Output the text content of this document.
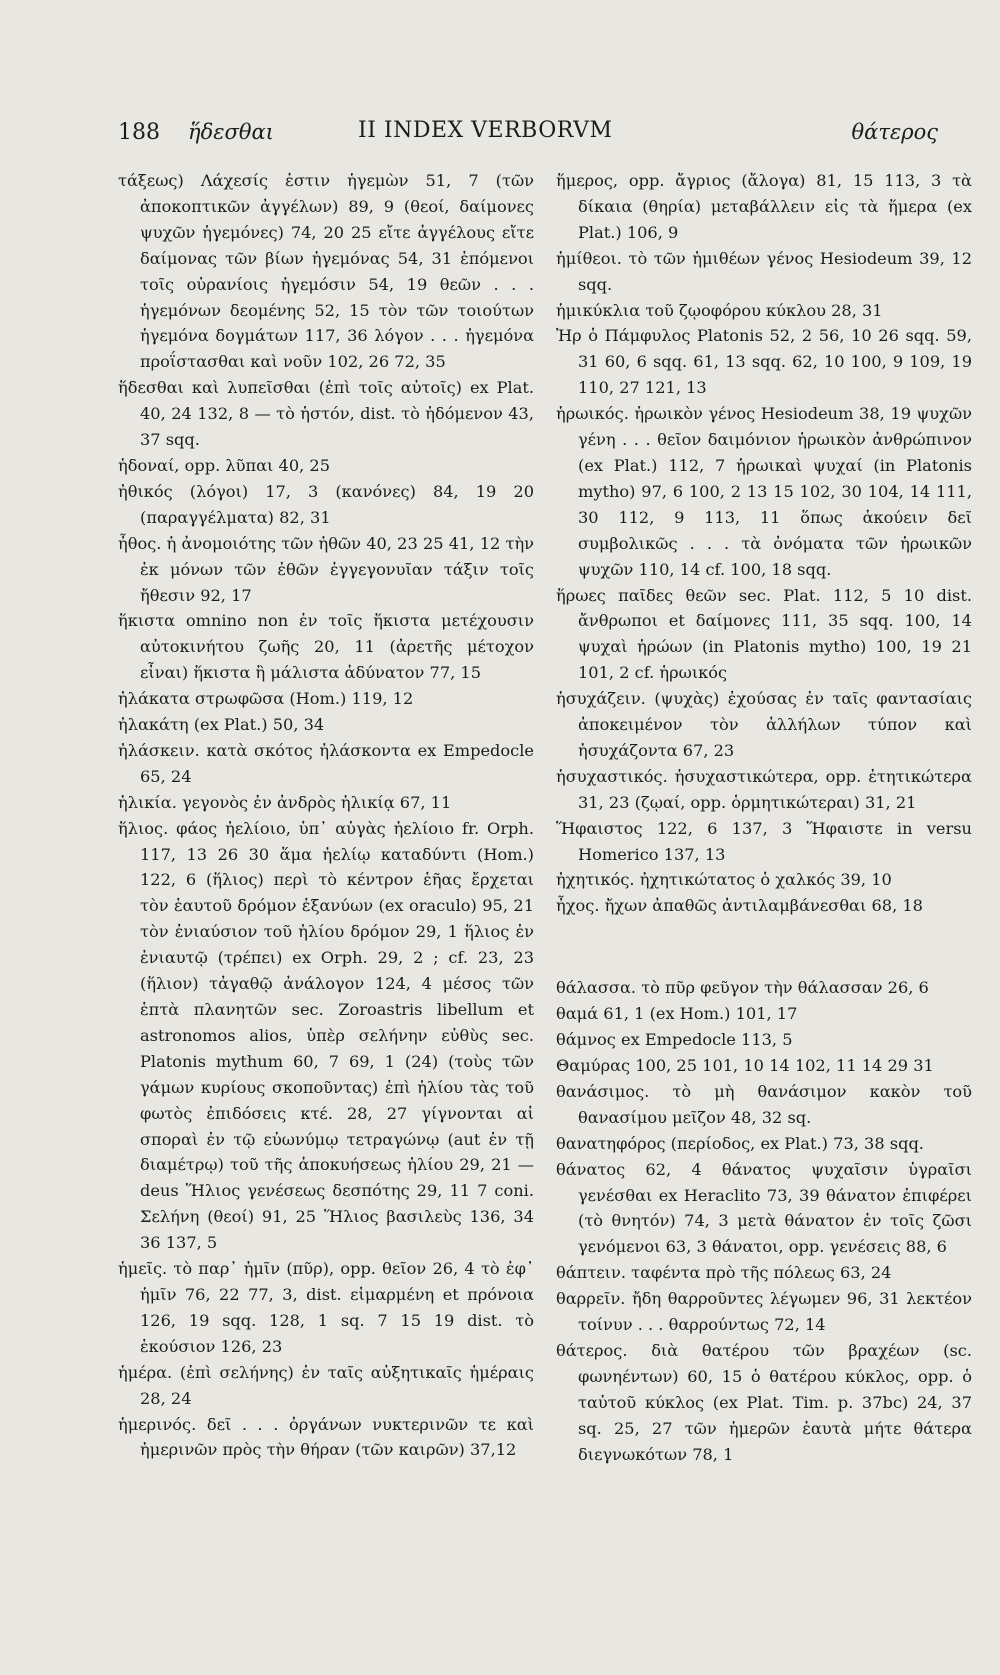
188 ἥδεσθαι	II INDEX VERBORVM	θάτερος

τάξεως) Λάχεσίς ἐστιν ἡγεμὼν 51, 7 (τῶν ἀποκοπτικῶν ἀγγέλων) 89, 9 (θεοί, δαίμονες ψυχῶν ἡγεμόνες) 74, 20 25 εἴτε ἀγγέλους εἴτε δαίμονας τῶν βίων ἡγεμόνας 54, 31 ἑπόμενοι τοῖς οὐρανίοις ἡγεμόσιν 54, 19 θεῶν . . . ἡγεμόνων δεομένης 52, 15 τὸν τῶν τοιούτων ἡγεμόνα δογμάτων 117, 36 λόγον . . . ἡγεμόνα προΐστασθαι καὶ νοῦν 102, 26 72, 35

ἥδεσθαι καὶ λυπεῖσθαι (ἐπὶ τοῖς αὐτοῖς) ex Plat. 40, 24 132, 8 — τὸ ἡστόν, dist. τὸ ἡδόμενον 43, 37 sqq.

ἡδοναί, opp. λῦπαι 40, 25

ἠθικός (λόγοι) 17, 3 (κανόνες) 84, 19 20 (παραγγέλματα) 82, 31

ἦθος. ἡ ἀνομοιότης τῶν ἠθῶν 40, 23 25 41, 12 τὴν ἐκ μόνων τῶν ἐθῶν ἐγγεγονυῖαν τάξιν τοῖς ἤθεσιν 92, 17

ἥκιστα omnino non ἐν τοῖς ἥκιστα μετέχουσιν αὐτοκινήτου ζωῆς 20, 11 (ἀρετῆς μέτοχον εἶναι) ἥκιστα ἢ μάλιστα ἀδύνατον 77, 15

ἠλάκατα στρωφῶσα (Hom.) 119, 12

ἠλακάτη (ex Plat.) 50, 34

ἠλάσκειν. κατὰ σκότος ἠλάσκοντα ex Empedocle 65, 24

ἡλικία. γεγονὸς ἐν ἀνδρὸς ἡλικίᾳ 67, 11

ἥλιος. φάος ἠελίοιο, ὑπ᾽ αὐγὰς ἠελίοιο fr. Orph. 117, 13 26 30 ἅμα ἠελίῳ καταδύντι (Hom.) 122, 6 (ἥλιος) περὶ τὸ κέντρον ἑῆας ἔρχεται τὸν ἑαυτοῦ δρόμον ἐξανύων (ex oraculo) 95, 21 τὸν ἐνιαύσιον τοῦ ἡλίου δρόμον 29, 1 ἥλιος ἐν ἐνιαυτῷ (τρέπει) ex Orph. 29, 2 ; cf. 23, 23 (ἥλιον) τἀγαθῷ ἀνάλογον 124, 4 μέσος τῶν ἑπτὰ πλανητῶν sec. Zoroastris libellum et astronomos alios, ὑπὲρ σελήνην εὐθὺς sec. Platonis mythum 60, 7 69, 1 (24) (τοὺς τῶν γάμων κυρίους σκοποῦντας) ἐπὶ ἡλίου τὰς τοῦ φωτὸς ἐπιδόσεις κτέ. 28, 27 γίγνονται αἱ σποραὶ ἐν τῷ εὐωνύμῳ τετραγώνῳ (aut ἐν τῇ διαμέτρῳ) τοῦ τῆς ἀποκυήσεως ἡλίου 29, 21 — deus Ἥλιος γενέσεως δεσπότης 29, 11 7 coni. Σελήνη (θεοί) 91, 25 Ἥλιος βασιλεὺς 136, 34 36 137, 5

ἡμεῖς. τὸ παρ᾽ ἡμῖν (πῦρ), opp. θεῖον 26, 4 τὸ ἐφ᾽ ἡμῖν 76, 22 77, 3, dist. εἱμαρμένη et πρόνοια 126, 19 sqq. 128, 1 sq. 7 15 19 dist. τὸ ἑκούσιον 126, 23

ἡμέρα. (ἐπὶ σελήνης) ἐν ταῖς αὐξητικαῖς ἡμέραις 28, 24

ἡμερινός. δεῖ . . . ὀργάνων νυκτερινῶν τε καὶ ἡμερινῶν πρὸς τὴν θήραν (τῶν καιρῶν) 37,12

ἥμερος, opp. ἄγριος (ἄλογα) 81, 15 113, 3 τὰ δίκαια (θηρία) μεταβάλλειν εἰς τὰ ἥμερα (ex Plat.) 106, 9

ἡμίθεοι. τὸ τῶν ἡμιθέων γένος Hesiodeum 39, 12 sqq.

ἡμικύκλια τοῦ ζῳοφόρου κύκλου 28, 31

Ἠρ ὁ Πάμφυλος Platonis 52, 2 56, 10 26 sqq. 59, 31 60, 6 sqq. 61, 13 sqq. 62, 10 100, 9 109, 19 110, 27 121, 13

ἡρωικός. ἡρωικὸν γένος Hesiodeum 38, 19 ψυχῶν γένη . . . θεῖον δαιμόνιον ἡρωικὸν ἀνθρώπινον (ex Plat.) 112, 7 ἡρωικαὶ ψυχαί (in Platonis mytho) 97, 6 100, 2 13 15 102, 30 104, 14 111, 30 112, 9 113, 11 ὅπως ἀκούειν δεῖ συμβολικῶς . . . τὰ ὀνόματα τῶν ἡρωικῶν ψυχῶν 110, 14 cf. 100, 18 sqq.

ἥρωες παῖδες θεῶν sec. Plat. 112, 5 10 dist. ἄνθρωποι et δαίμονες 111, 35 sqq. 100, 14 ψυχαὶ ἡρώων (in Platonis mytho) 100, 19 21 101, 2 cf. ἡρωικός

ἡσυχάζειν. (ψυχὰς) ἐχούσας ἐν ταῖς φαντασίαις ἀποκειμένον τὸν ἀλλήλων τύπον καὶ ἡσυχάζοντα 67, 23

ἡσυχαστικός. ἡσυχαστικώτερα, opp. ἐτητικώτερα 31, 23 (ζῳαί, opp. ὁρμητικώτεραι) 31, 21

Ἥφαιστος 122, 6 137, 3 Ἥφαιστε in versu Homerico 137, 13

ἠχητικός. ἠχητικώτατος ὁ χαλκός 39, 10

ἦχος. ἤχων ἀπαθῶς ἀντιλαμβάνεσθαι 68, 18

θάλασσα. τὸ πῦρ φεῦγον τὴν θάλασσαν 26, 6

θαμά 61, 1 (ex Hom.) 101, 17

θάμνος ex Empedocle 113, 5

Θαμύρας 100, 25 101, 10 14 102, 11 14 29 31

θανάσιμος. τὸ μὴ θανάσιμον κακὸν τοῦ θανασίμου μεῖζον 48, 32 sq.

θανατηφόρος (περίοδος, ex Plat.) 73, 38 sqq.

θάνατος 62, 4 θάνατος ψυχαῖσιν ὑγραῖσι γενέσθαι ex Heraclito 73, 39 θάνατον ἐπιφέρει (τὸ θνητόν) 74, 3 μετὰ θάνατον ἐν τοῖς ζῶσι γενόμενοι 63, 3 θάνατοι, opp. γενέσεις 88, 6

θάπτειν. ταφέντα πρὸ τῆς πόλεως 63, 24

θαρρεῖν. ἤδη θαρροῦντες λέγωμεν 96, 31 λεκτέον τοίνυν . . . θαρρούντως 72, 14

θάτερος. διὰ θατέρου τῶν βραχέων (sc. φωνηέντων) 60, 15 ὁ θατέρου κύκλος, opp. ὁ ταὐτοῦ κύκλος (ex Plat. Tim. p. 37bc) 24, 37 sq. 25, 27 τῶν ἡμερῶν ἑαυτὰ μήτε θάτερα διεγνωκότων 78, 1
